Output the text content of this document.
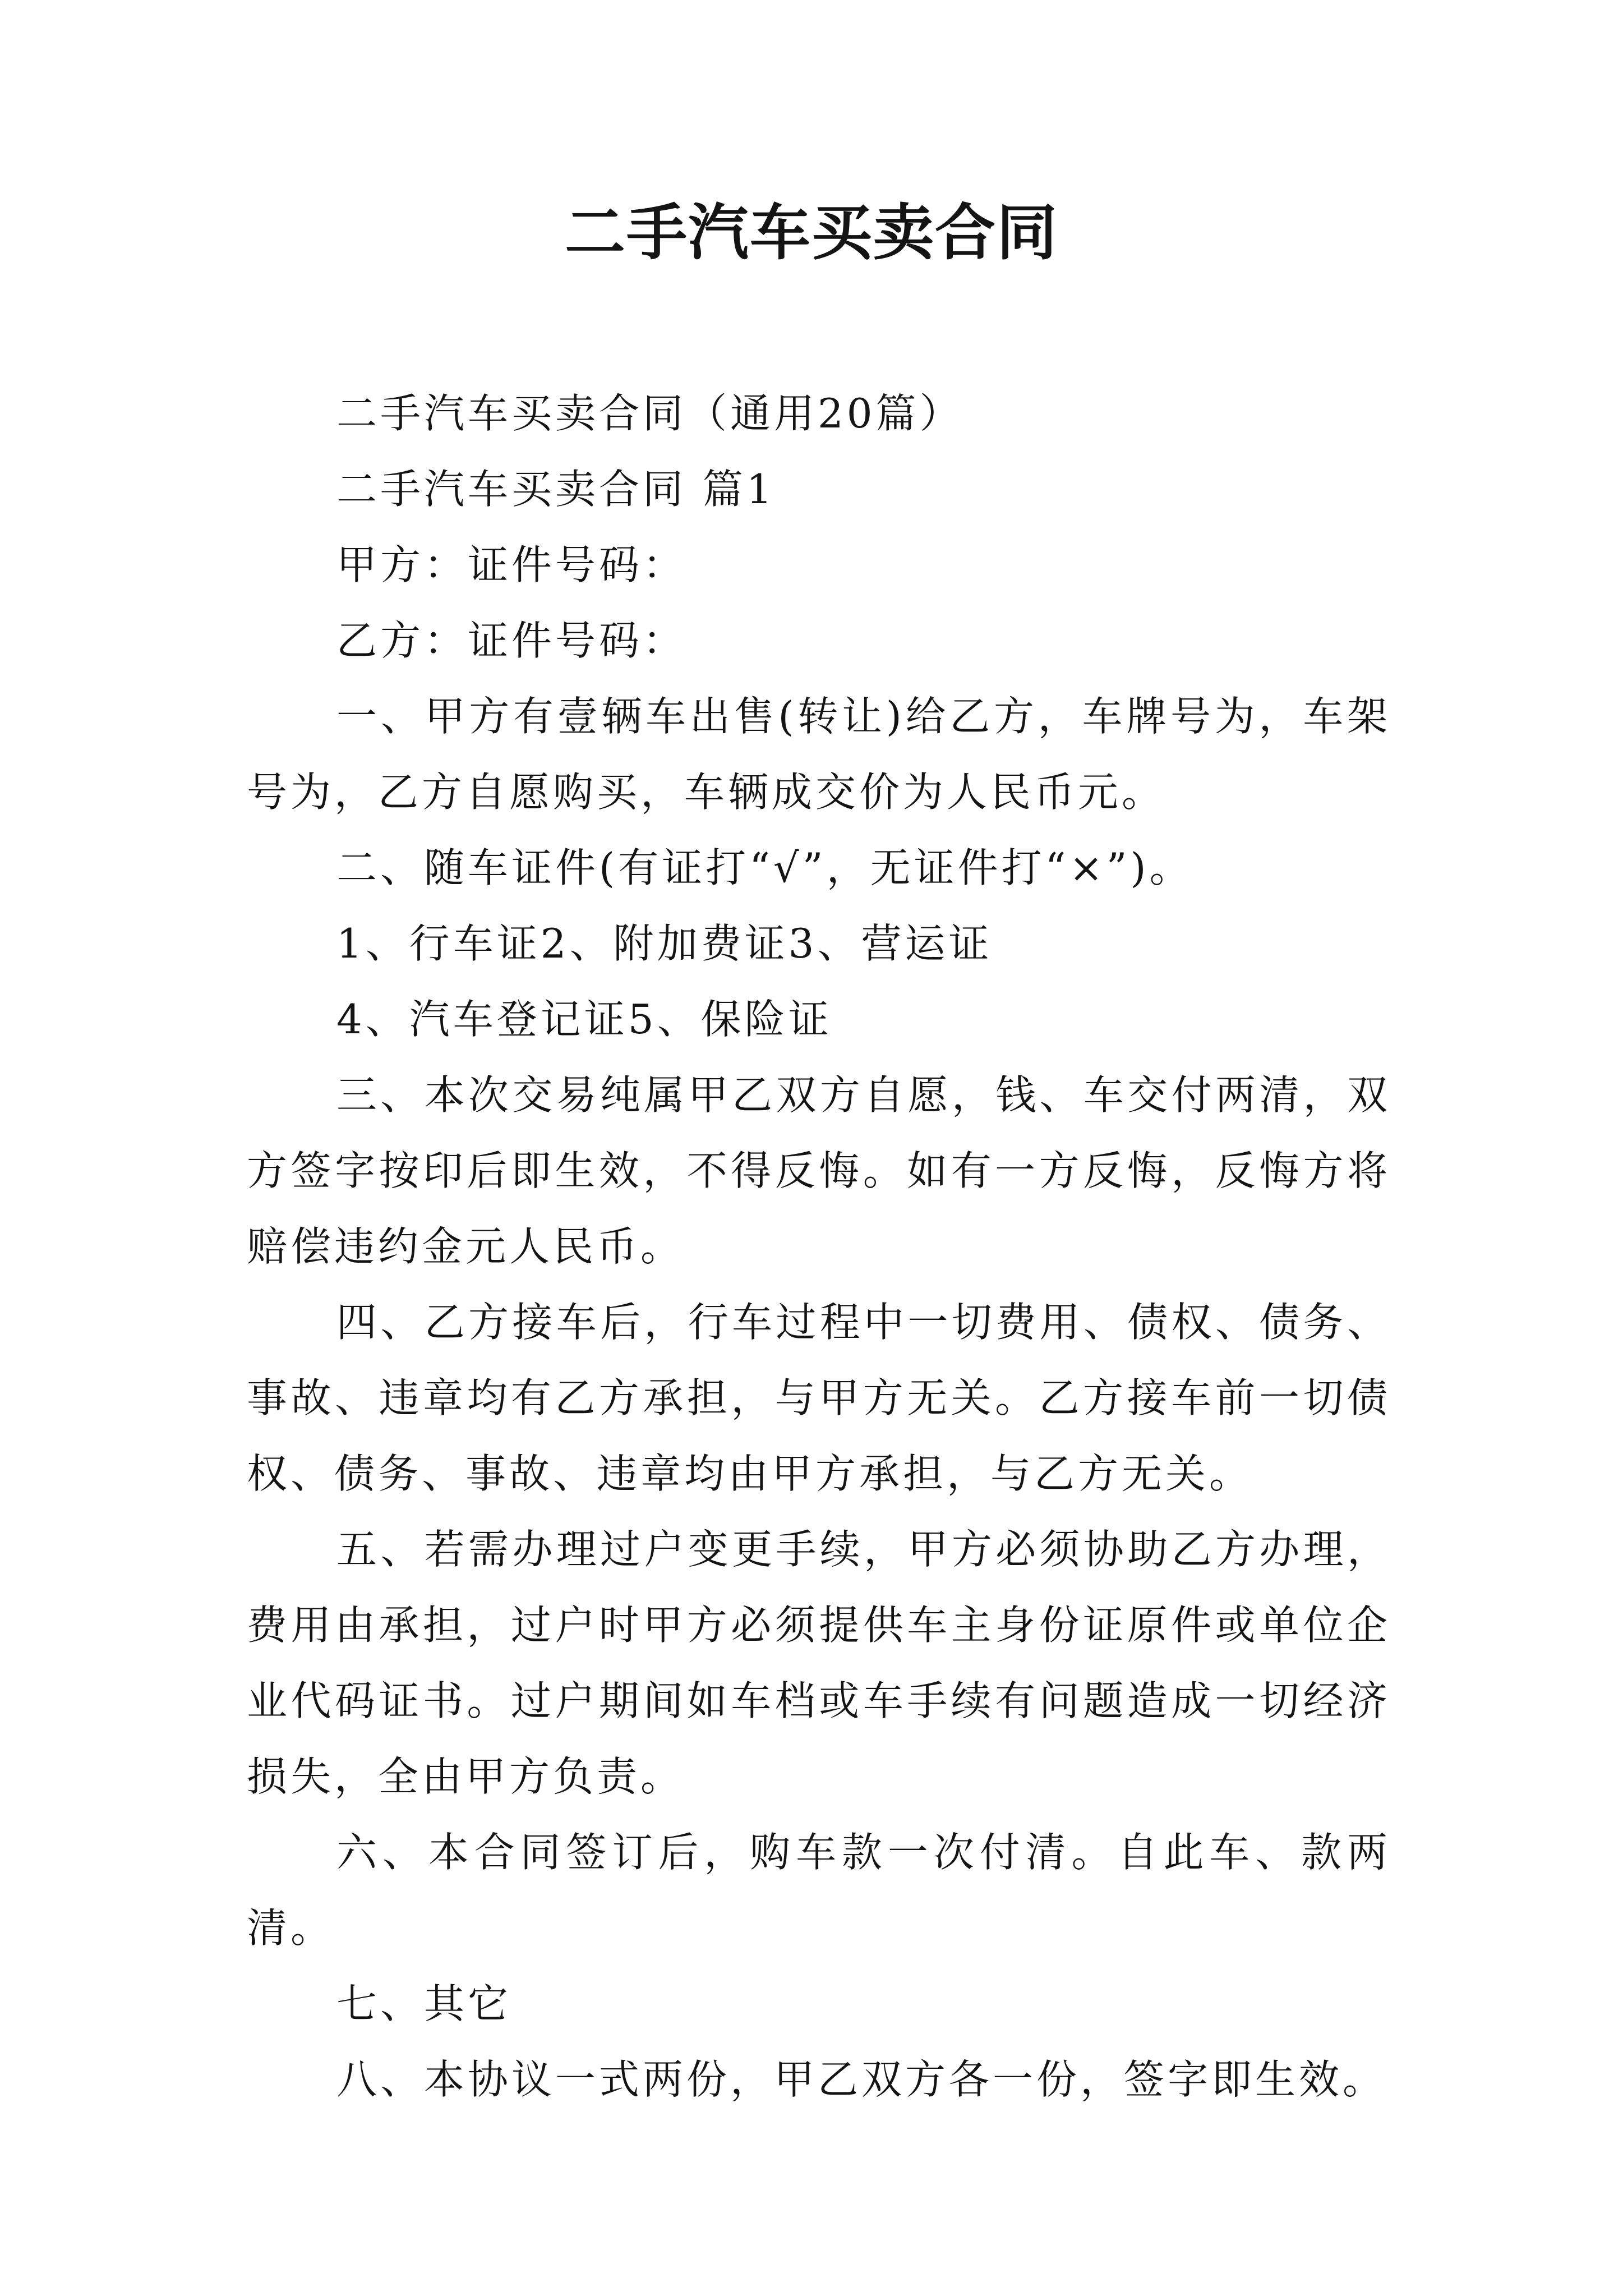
二手汽车买卖合同

二手汽车买卖合同（通用20篇）

二手汽车买卖合同 篇1

甲方：证件号码：

乙方：证件号码：

一、甲方有壹辆车出售(转让)给乙方，车牌号为，车架号为，乙方自愿购买，车辆成交价为人民币元。

二、随车证件(有证打“√”，无证件打“×”)。

1、行车证2、附加费证3、营运证

4、汽车登记证5、保险证

三、本次交易纯属甲乙双方自愿，钱、车交付两清，双方签字按印后即生效，不得反悔。如有一方反悔，反悔方将赔偿违约金元人民币。

四、乙方接车后，行车过程中一切费用、债权、债务、事故、违章均有乙方承担，与甲方无关。乙方接车前一切债权、债务、事故、违章均由甲方承担，与乙方无关。

五、若需办理过户变更手续，甲方必须协助乙方办理，费用由承担，过户时甲方必须提供车主身份证原件或单位企业代码证书。过户期间如车档或车手续有问题造成一切经济损失，全由甲方负责。

六、本合同签订后，购车款一次付清。自此车、款两清。

七、其它

八、本协议一式两份，甲乙双方各一份，签字即生效。
